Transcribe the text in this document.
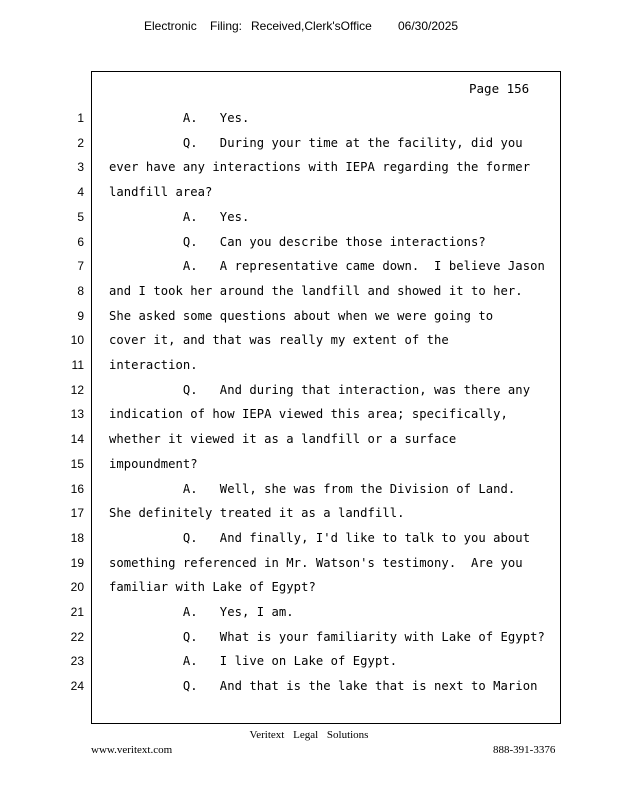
Electronic Filing: Received,Clerk'sOffice 06/30/2025
Page 156
1 A.   Yes.
2 Q.   During your time at the facility, did you
3 ever have any interactions with IEPA regarding the former
4 landfill area?
5 A.   Yes.
6 Q.   Can you describe those interactions?
7 A.   A representative came down.  I believe Jason
8 and I took her around the landfill and showed it to her.
9 She asked some questions about when we were going to
10 cover it, and that was really my extent of the
11 interaction.
12 Q.   And during that interaction, was there any
13 indication of how IEPA viewed this area; specifically,
14 whether it viewed it as a landfill or a surface
15 impoundment?
16 A.   Well, she was from the Division of Land.
17 She definitely treated it as a landfill.
18 Q.   And finally, I'd like to talk to you about
19 something referenced in Mr. Watson's testimony.  Are you
20 familiar with Lake of Egypt?
21 A.   Yes, I am.
22 Q.   What is your familiarity with Lake of Egypt?
23 A.   I live on Lake of Egypt.
24 Q.   And that is the lake that is next to Marion
Veritext Legal Solutions
www.veritext.com	888-391-3376
